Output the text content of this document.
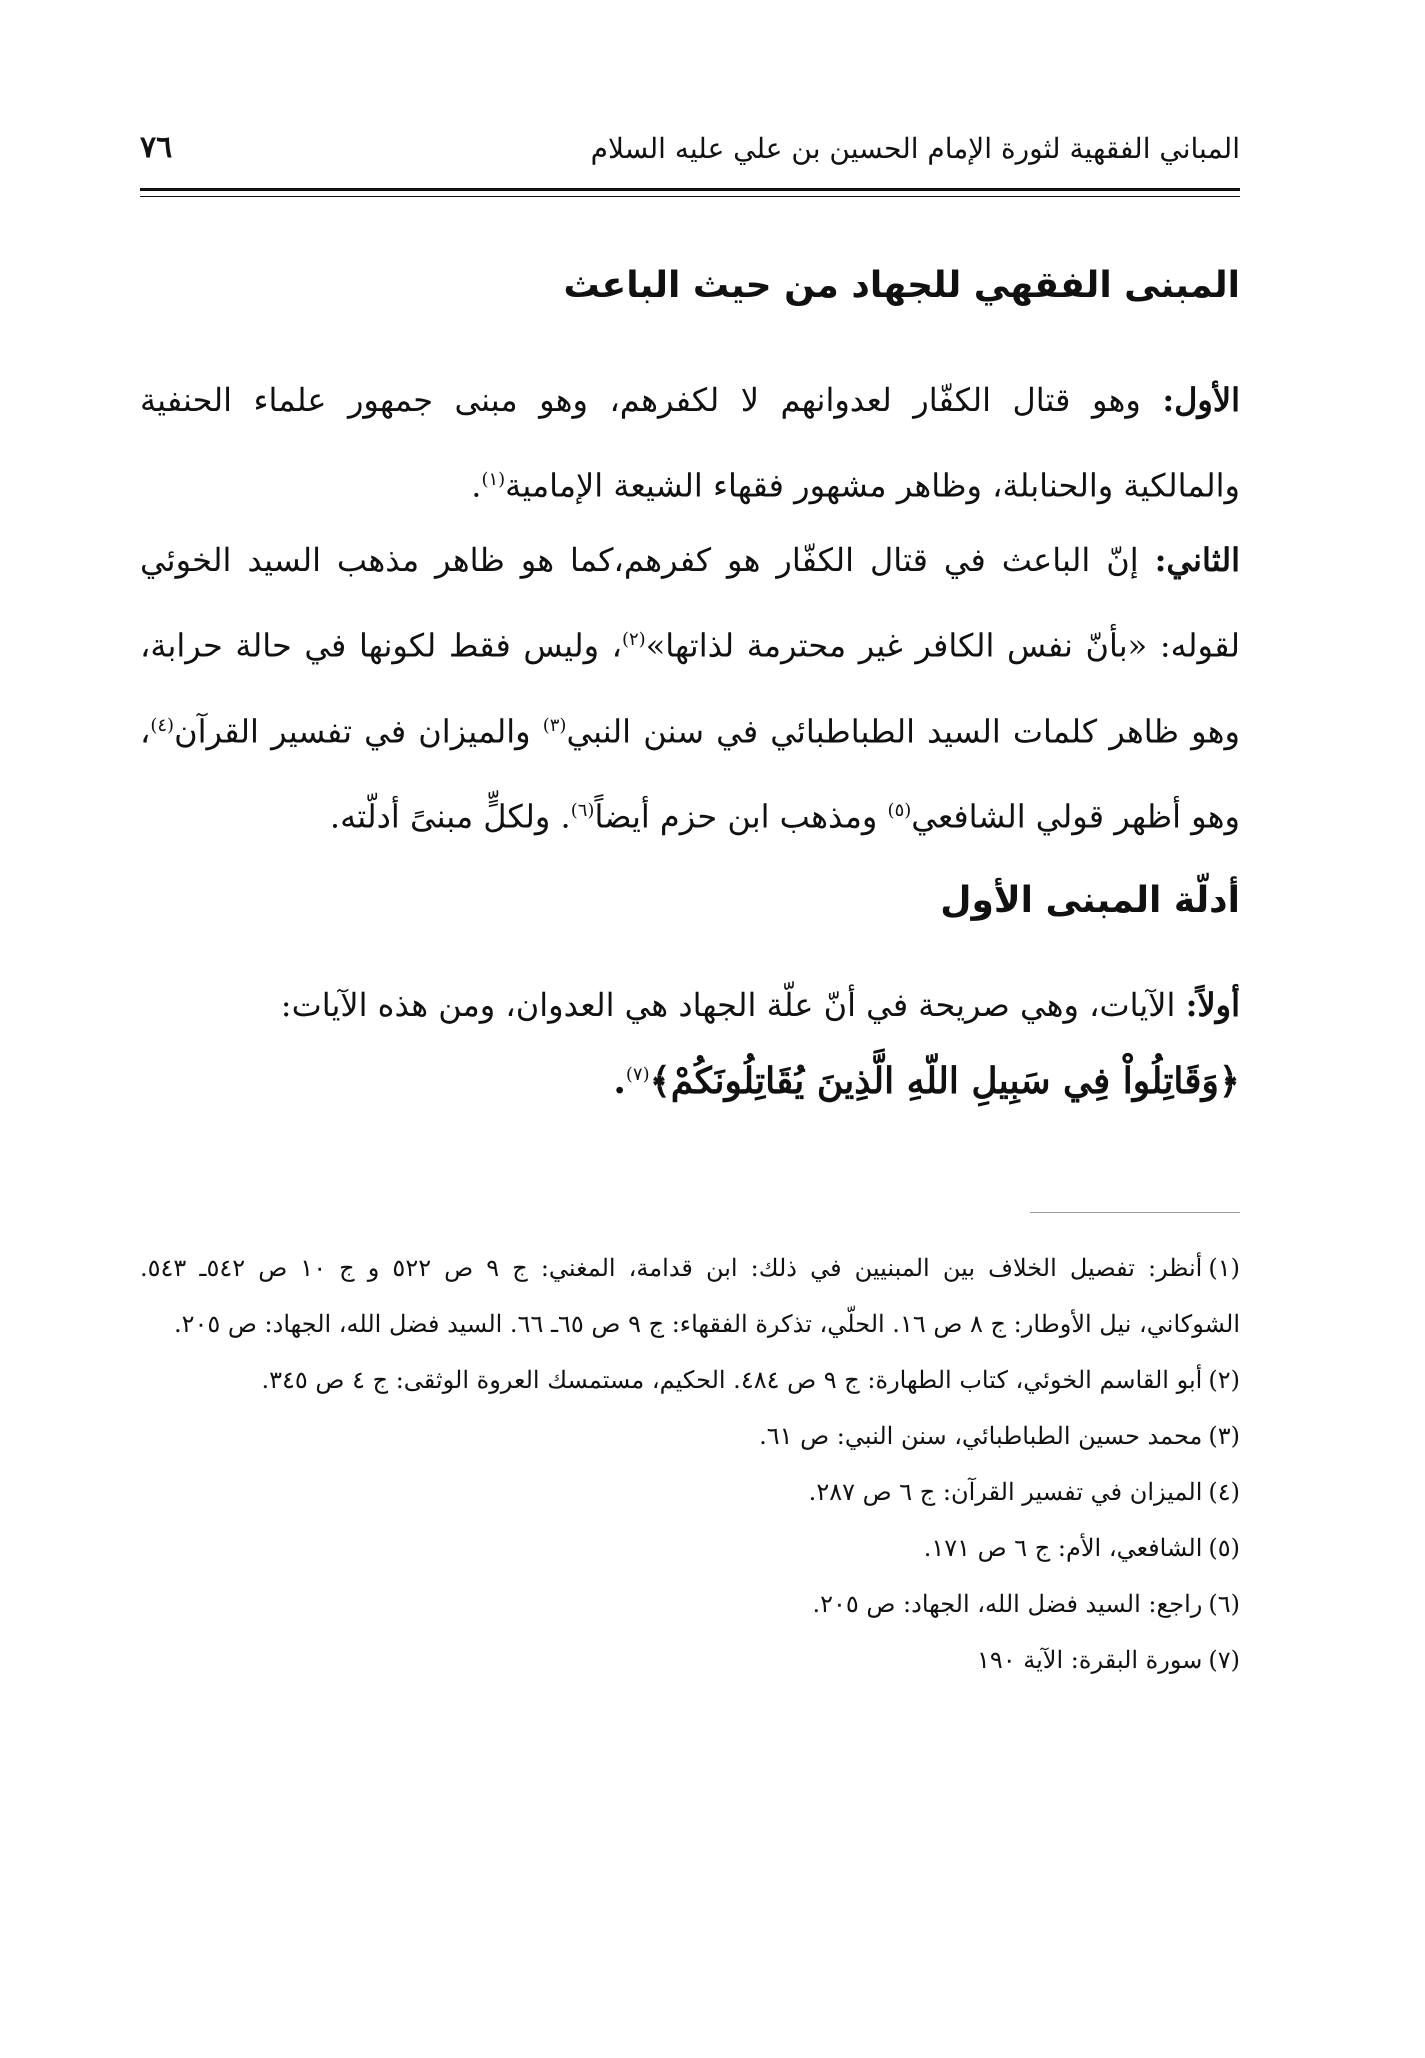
المباني الفقهية لثورة الإمام الحسين بن علي عليه السلام
٧٦
المبنى الفقهي للجهاد من حيث الباعث
الأول: وهو قتال الكفّار لعدوانهم لا لكفرهم، وهو مبنى جمهور علماء الحنفية والمالكية والحنابلة، وظاهر مشهور فقهاء الشيعة الإمامية$^{(١)}$.
الثاني: إنّ الباعث في قتال الكفّار هو كفرهم،كما هو ظاهر مذهب السيد الخوئي لقوله: «بأنّ نفس الكافر غير محترمة لذاتها»$^{(٢)}$، وليس فقط لكونها في حالة حرابة، وهو ظاهر كلمات السيد الطباطبائي في سنن النبي$^{(٣)}$ والميزان في تفسير القرآن$^{(٤)}$، وهو أظهر قولي الشافعي$^{(٥)}$ ومذهب ابن حزم أيضاً$^{(٦)}$. ولكلٍّ مبنىً أدلّته.
أدلّة المبنى الأول
أولاً: الآيات، وهي صريحة في أنّ علّة الجهاد هي العدوان، ومن هذه الآيات:
﴿وَقَاتِلُواْ فِي سَبِيلِ اللّهِ الَّذِينَ يُقَاتِلُونَكُمْ﴾$^{(٧)}$.
(١)أنظر: تفصيل الخلاف بين المبنيين في ذلك: ابن قدامة، المغني: ج ٩ ص ٥٢٢ و ج ١٠ ص ٥٤٢ـ ٥٤٣. الشوكاني، نيل الأوطار: ج ٨ ص ١٦. الحلّي، تذكرة الفقهاء: ج ٩ ص ٦٥ـ ٦٦. السيد فضل الله، الجهاد: ص ٢٠٥.
(٢)أبو القاسم الخوئي، كتاب الطهارة: ج ٩ ص ٤٨٤. الحكيم، مستمسك العروة الوثقى: ج ٤ ص ٣٤٥.
(٣)محمد حسين الطباطبائي، سنن النبي: ص ٦١.
(٤)الميزان في تفسير القرآن: ج ٦ ص ٢٨٧.
(٥)الشافعي، الأم: ج ٦ ص ١٧١.
(٦)راجع: السيد فضل الله، الجهاد: ص ٢٠٥.
(٧)سورة البقرة: الآية ١٩٠
